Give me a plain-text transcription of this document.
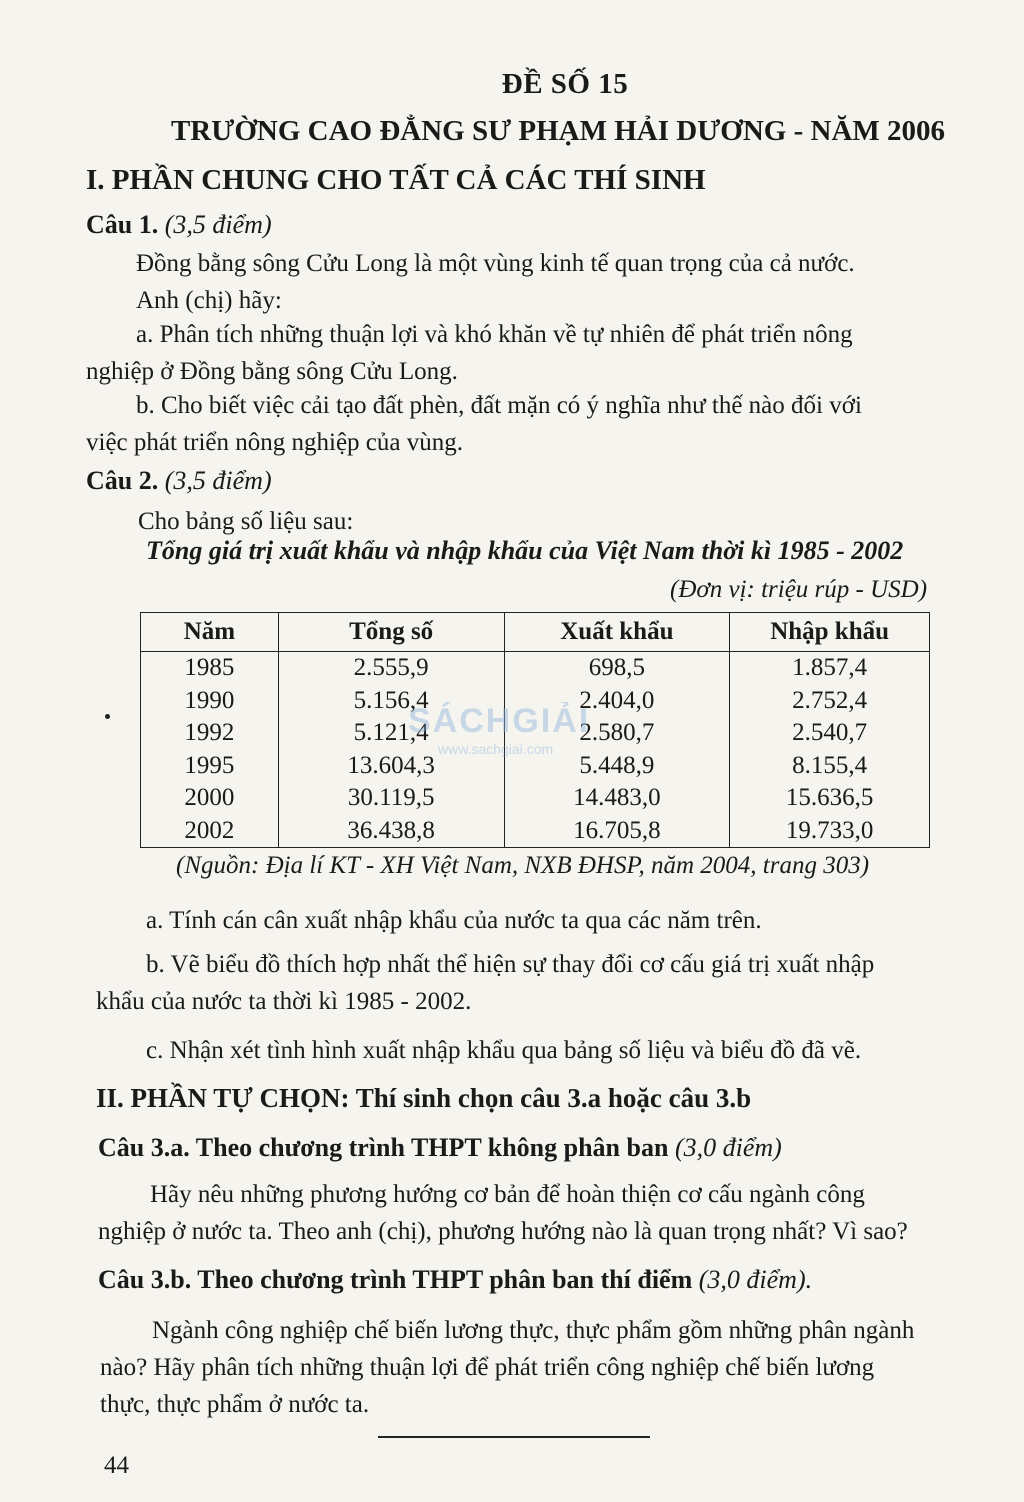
ĐỀ SỐ 15
TRƯỜNG CAO ĐẲNG SƯ PHẠM HẢI DƯƠNG - NĂM 2006
I. PHẦN CHUNG CHO TẤT CẢ CÁC THÍ SINH
Câu 1. (3,5 điểm)
Đồng bằng sông Cửu Long là một vùng kinh tế quan trọng của cả nước.
Anh (chị) hãy:
a. Phân tích những thuận lợi và khó khăn về tự nhiên để phát triển nông
nghiệp ở Đồng bằng sông Cửu Long.
b. Cho biết việc cải tạo đất phèn, đất mặn có ý nghĩa như thế nào đối với
việc phát triển nông nghiệp của vùng.
Câu 2. (3,5 điểm)
Cho bảng số liệu sau:
Tổng giá trị xuất khẩu và nhập khẩu của Việt Nam thời kì 1985 - 2002
(Đơn vị: triệu rúp - USD)
Năm	Tổng số	Xuất khẩu	Nhập khẩu
1985	2.555,9	698,5	1.857,4
1990	5.156,4	2.404,0	2.752,4
1992	5.121,4	2.580,7	2.540,7
1995	13.604,3	5.448,9	8.155,4
2000	30.119,5	14.483,0	15.636,5
2002	36.438,8	16.705,8	19.733,0
SÁCHGIẢI
www.sachgiai.com
(Nguồn: Địa lí KT - XH Việt Nam, NXB ĐHSP, năm 2004, trang 303)
a. Tính cán cân xuất nhập khẩu của nước ta qua các năm trên.
b. Vẽ biểu đồ thích hợp nhất thể hiện sự thay đổi cơ cấu giá trị xuất nhập
khẩu của nước ta thời kì 1985 - 2002.
c. Nhận xét tình hình xuất nhập khẩu qua bảng số liệu và biểu đồ đã vẽ.
II. PHẦN TỰ CHỌN: Thí sinh chọn câu 3.a hoặc câu 3.b
Câu 3.a. Theo chương trình THPT không phân ban (3,0 điểm)
Hãy nêu những phương hướng cơ bản để hoàn thiện cơ cấu ngành công
nghiệp ở nước ta. Theo anh (chị), phương hướng nào là quan trọng nhất? Vì sao?
Câu 3.b. Theo chương trình THPT phân ban thí điểm (3,0 điểm).
Ngành công nghiệp chế biến lương thực, thực phẩm gồm những phân ngành
nào? Hãy phân tích những thuận lợi để phát triển công nghiệp chế biến lương
thực, thực phẩm ở nước ta.
44
